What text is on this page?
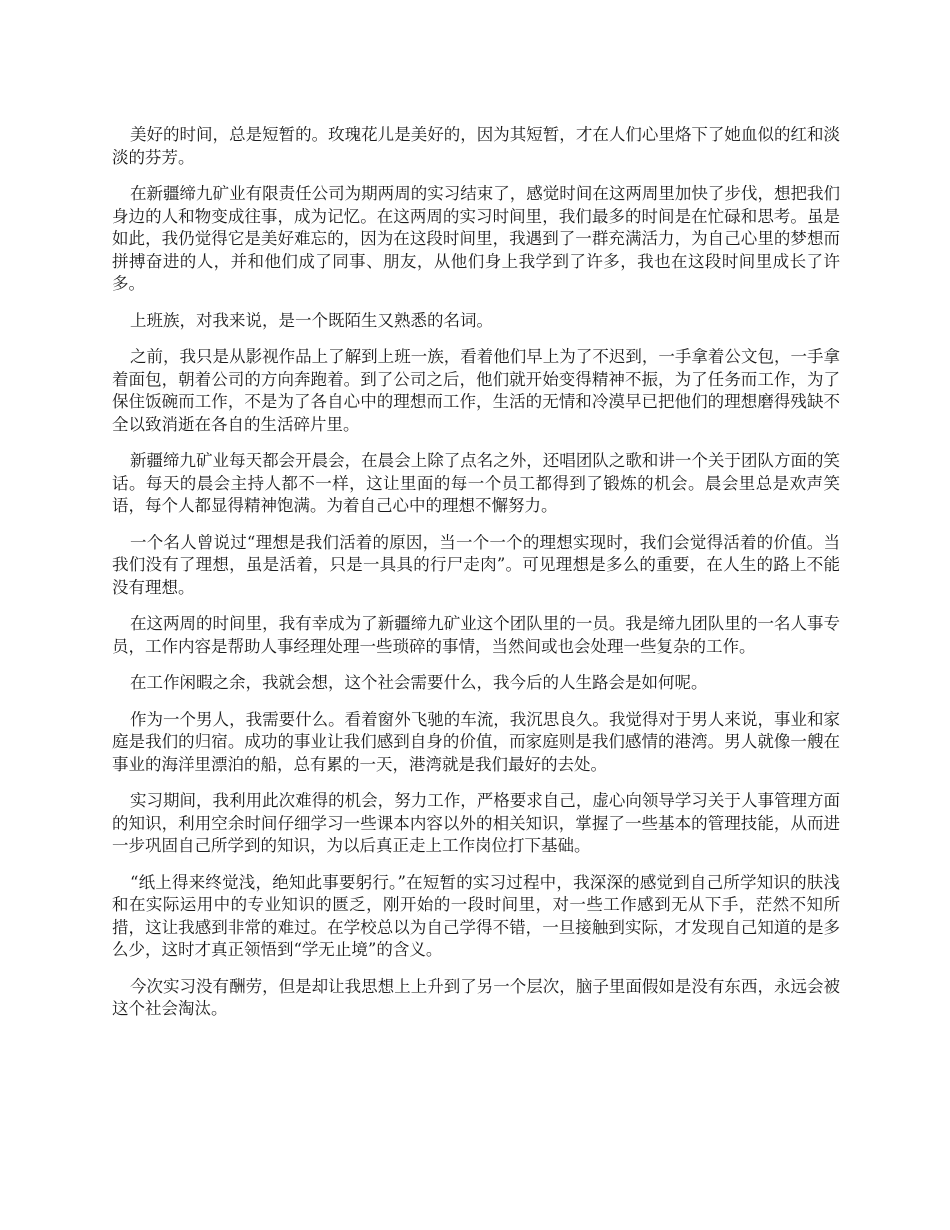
美好的时间，总是短暂的。玫瑰花儿是美好的，因为其短暂，才在人们心里烙下了她血似的红和淡淡的芬芳。

在新疆缔九矿业有限责任公司为期两周的实习结束了，感觉时间在这两周里加快了步伐，想把我们身边的人和物变成往事，成为记忆。在这两周的实习时间里，我们最多的时间是在忙碌和思考。虽是如此，我仍觉得它是美好难忘的，因为在这段时间里，我遇到了一群充满活力，为自己心里的梦想而拼搏奋进的人，并和他们成了同事、朋友，从他们身上我学到了许多，我也在这段时间里成长了许多。

上班族，对我来说，是一个既陌生又熟悉的名词。

之前，我只是从影视作品上了解到上班一族，看着他们早上为了不迟到，一手拿着公文包，一手拿着面包，朝着公司的方向奔跑着。到了公司之后，他们就开始变得精神不振，为了任务而工作，为了保住饭碗而工作，不是为了各自心中的理想而工作，生活的无情和冷漠早已把他们的理想磨得残缺不全以致消逝在各自的生活碎片里。

新疆缔九矿业每天都会开晨会，在晨会上除了点名之外，还唱团队之歌和讲一个关于团队方面的笑话。每天的晨会主持人都不一样，这让里面的每一个员工都得到了锻炼的机会。晨会里总是欢声笑语，每个人都显得精神饱满。为着自己心中的理想不懈努力。

一个名人曾说过“理想是我们活着的原因，当一个一个的理想实现时，我们会觉得活着的价值。当我们没有了理想，虽是活着，只是一具具的行尸走肉”。可见理想是多么的重要，在人生的路上不能没有理想。

在这两周的时间里，我有幸成为了新疆缔九矿业这个团队里的一员。我是缔九团队里的一名人事专员，工作内容是帮助人事经理处理一些琐碎的事情，当然间或也会处理一些复杂的工作。

在工作闲暇之余，我就会想，这个社会需要什么，我今后的人生路会是如何呢。

作为一个男人，我需要什么。看着窗外飞驰的车流，我沉思良久。我觉得对于男人来说，事业和家庭是我们的归宿。成功的事业让我们感到自身的价值，而家庭则是我们感情的港湾。男人就像一艘在事业的海洋里漂泊的船，总有累的一天，港湾就是我们最好的去处。

实习期间，我利用此次难得的机会，努力工作，严格要求自己，虚心向领导学习关于人事管理方面的知识，利用空余时间仔细学习一些课本内容以外的相关知识，掌握了一些基本的管理技能，从而进一步巩固自己所学到的知识，为以后真正走上工作岗位打下基础。

“纸上得来终觉浅，绝知此事要躬行。”在短暂的实习过程中，我深深的感觉到自己所学知识的肤浅和在实际运用中的专业知识的匮乏，刚开始的一段时间里，对一些工作感到无从下手，茫然不知所措，这让我感到非常的难过。在学校总以为自己学得不错，一旦接触到实际，才发现自己知道的是多么少，这时才真正领悟到“学无止境”的含义。

今次实习没有酬劳，但是却让我思想上上升到了另一个层次，脑子里面假如是没有东西，永远会被这个社会淘汰。
